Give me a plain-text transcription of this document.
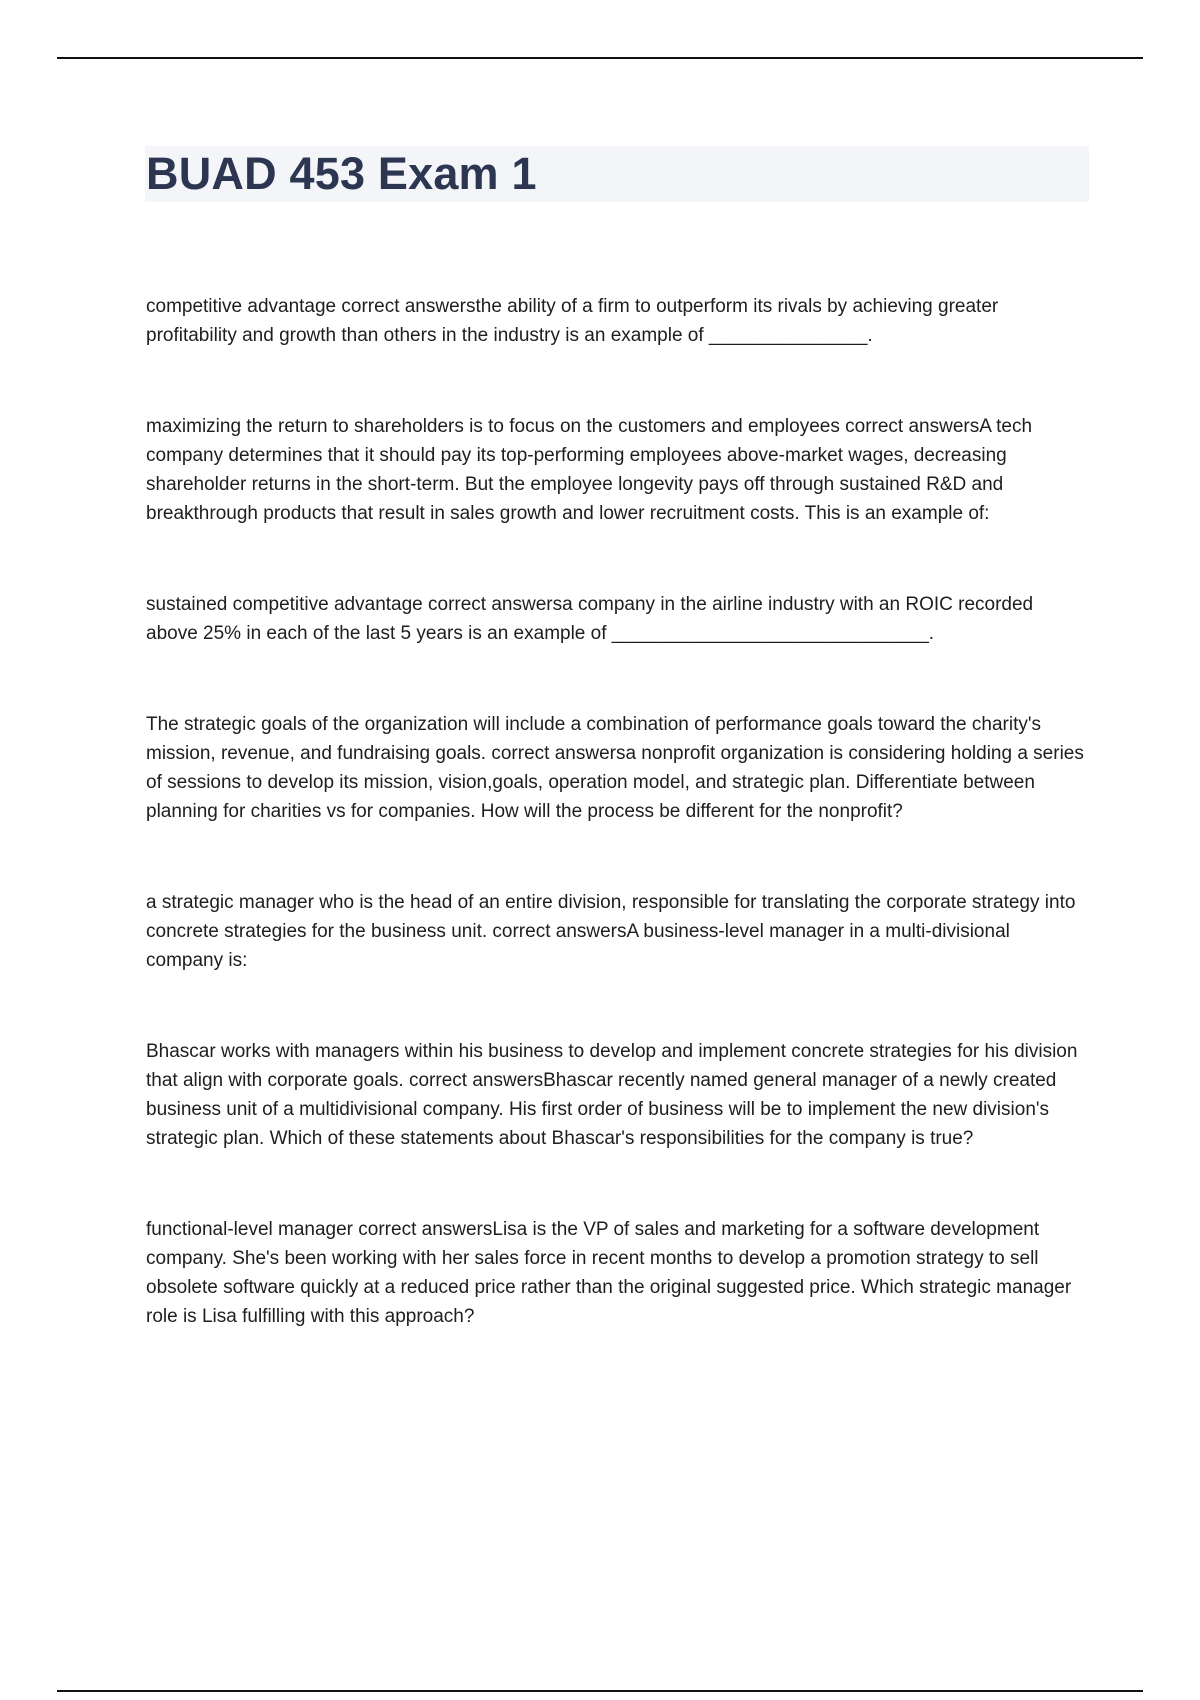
BUAD 453 Exam 1

competitive advantage correct answersthe ability of a firm to outperform its rivals by achieving greater profitability and growth than others in the industry is an example of _______________.

maximizing the return to shareholders is to focus on the customers and employees correct answersA tech company determines that it should pay its top-performing employees above-market wages, decreasing shareholder returns in the short-term. But the employee longevity pays off through sustained R&D and breakthrough products that result in sales growth and lower recruitment costs. This is an example of:

sustained competitive advantage correct answersa company in the airline industry with an ROIC recorded above 25% in each of the last 5 years is an example of ______________________________.

The strategic goals of the organization will include a combination of performance goals toward the charity's mission, revenue, and fundraising goals. correct answersa nonprofit organization is considering holding a series of sessions to develop its mission, vision,goals, operation model, and strategic plan. Differentiate between planning for charities vs for companies. How will the process be different for the nonprofit?

a strategic manager who is the head of an entire division, responsible for translating the corporate strategy into concrete strategies for the business unit. correct answersA business-level manager in a multi-divisional company is:

Bhascar works with managers within his business to develop and implement concrete strategies for his division that align with corporate goals. correct answersBhascar recently named general manager of a newly created business unit of a multidivisional company. His first order of business will be to implement the new division's strategic plan. Which of these statements about Bhascar's responsibilities for the company is true?

functional-level manager correct answersLisa is the VP of sales and marketing for a software development company. She's been working with her sales force in recent months to develop a promotion strategy to sell obsolete software quickly at a reduced price rather than the original suggested price. Which strategic manager role is Lisa fulfilling with this approach?
